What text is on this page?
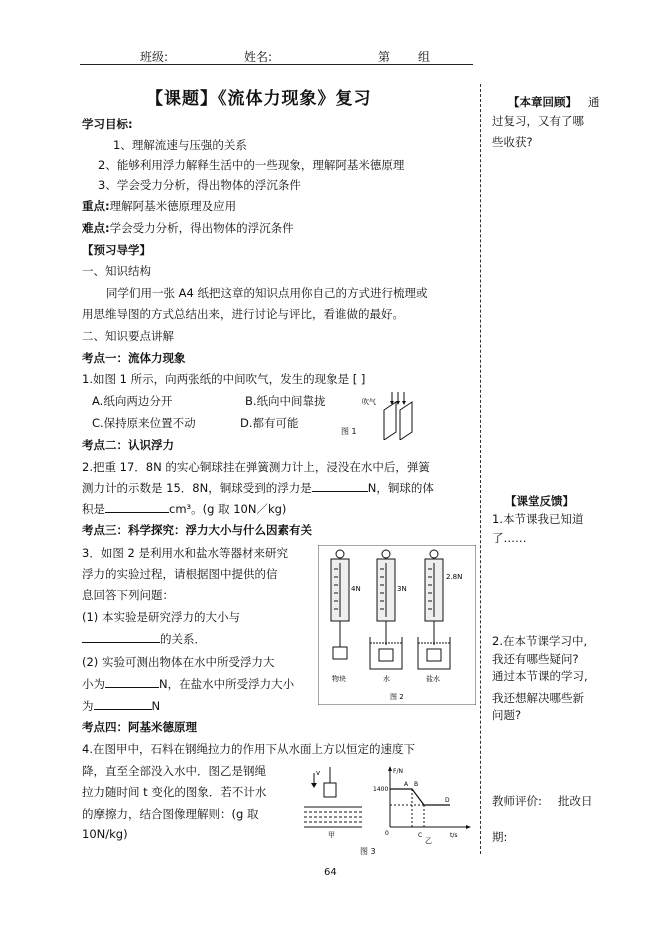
班级:	姓名:	第 组
【课题】《流体力现象》复习
学习目标:
1、理解流速与压强的关系
2、能够利用浮力解释生活中的一些现象，理解阿基米德原理
3、学会受力分析，得出物体的浮沉条件
重点:理解阿基米德原理及应用
难点:学会受力分析，得出物体的浮沉条件
【预习导学】
一、知识结构
同学们用一张 A4 纸把这章的知识点用你自己的方式进行梳理或
用思维导图的方式总结出来，进行讨论与评比，看谁做的最好。
二、知识要点讲解
考点一：流体力现象
1.如图 1 所示，向两张纸的中间吹气，发生的现象是 [ ]
A.纸向两边分开	B.纸向中间靠拢
C.保持原来位置不动	D.都有可能
吹气
图 1
考点二：认识浮力
2.把重 17．8N 的实心铜球挂在弹簧测力计上，浸没在水中后，弹簧
测力计的示数是 15．8N，铜球受到的浮力是	N，铜球的体
积是	cm³。(g 取 10N／kg)
考点三：科学探究：浮力大小与什么因素有关
3．如图 2 是利用水和盐水等器材来研究
浮力的实验过程，请根据图中提供的信
息回答下列问题：
(1) 本实验是研究浮力的大小与
的关系．
(2) 实验可测出物体在水中所受浮力大
小为	N，在盐水中所受浮力大小
为	N
4N	3N
2.8N
物块	水	盐水
图 2
考点四：阿基米德原理
4.在图甲中，石料在钢绳拉力的作用下从水面上方以恒定的速度下
降，直至全部没入水中．图乙是钢绳
拉力随时间 t 变化的图象．若不计水
的摩擦力，结合图像理解则：(g 取
10N/kg)
v
甲
F/N
t/s
1400
0
A B
C
D
乙
图 3
【本章回顾】 通
过复习，又有了哪
些收获?
【课堂反馈】
1.本节课我已知道
了……
2.在本节课学习中,
我还有哪些疑问?
通过本节课的学习,
我还想解决哪些新
问题?
教师评价: 批改日
期:
64
